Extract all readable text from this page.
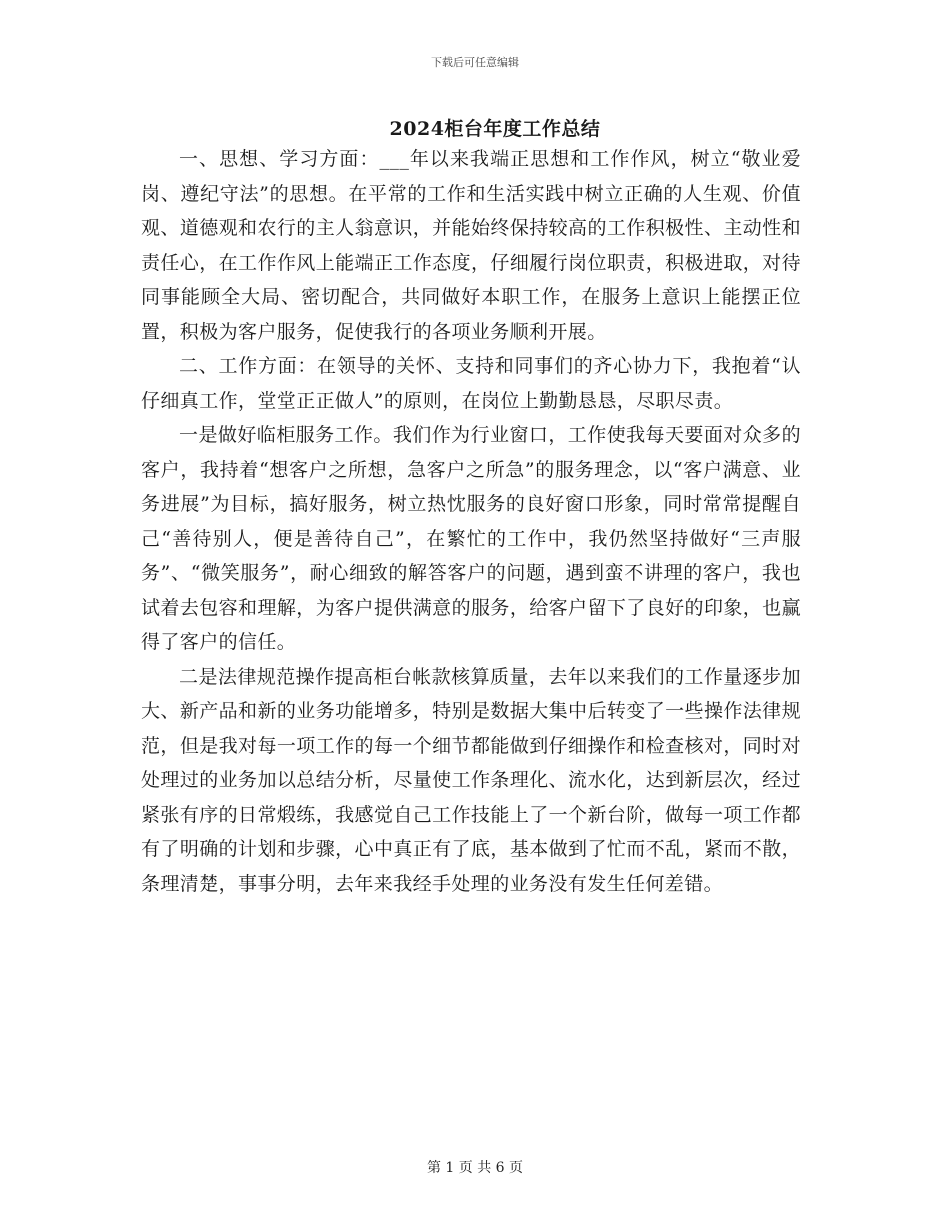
下载后可任意编辑
2024柜台年度工作总结

一、思想、学习方面：___年以来我端正思想和工作作风，树立“敬业爱岗、遵纪守法”的思想。在平常的工作和生活实践中树立正确的人生观、价值观、道德观和农行的主人翁意识，并能始终保持较高的工作积极性、主动性和责任心，在工作作风上能端正工作态度，仔细履行岗位职责，积极进取，对待同事能顾全大局、密切配合，共同做好本职工作，在服务上意识上能摆正位置，积极为客户服务，促使我行的各项业务顺利开展。

二、工作方面：在领导的关怀、支持和同事们的齐心协力下，我抱着“认仔细真工作，堂堂正正做人”的原则，在岗位上勤勤恳恳，尽职尽责。

一是做好临柜服务工作。我们作为行业窗口，工作使我每天要面对众多的客户，我持着“想客户之所想，急客户之所急”的服务理念，以“客户满意、业务进展”为目标，搞好服务，树立热忱服务的良好窗口形象，同时常常提醒自己“善待别人，便是善待自己”，在繁忙的工作中，我仍然坚持做好“三声服务”、“微笑服务”，耐心细致的解答客户的问题，遇到蛮不讲理的客户，我也试着去包容和理解，为客户提供满意的服务，给客户留下了良好的印象，也赢得了客户的信任。

二是法律规范操作提高柜台帐款核算质量，去年以来我们的工作量逐步加大、新产品和新的业务功能增多，特别是数据大集中后转变了一些操作法律规范，但是我对每一项工作的每一个细节都能做到仔细操作和检查核对，同时对处理过的业务加以总结分析，尽量使工作条理化、流水化，达到新层次，经过紧张有序的日常煅练，我感觉自己工作技能上了一个新台阶，做每一项工作都有了明确的计划和步骤，心中真正有了底，基本做到了忙而不乱，紧而不散，条理清楚，事事分明，去年来我经手处理的业务没有发生任何差错。

第 1 页 共 6 页
